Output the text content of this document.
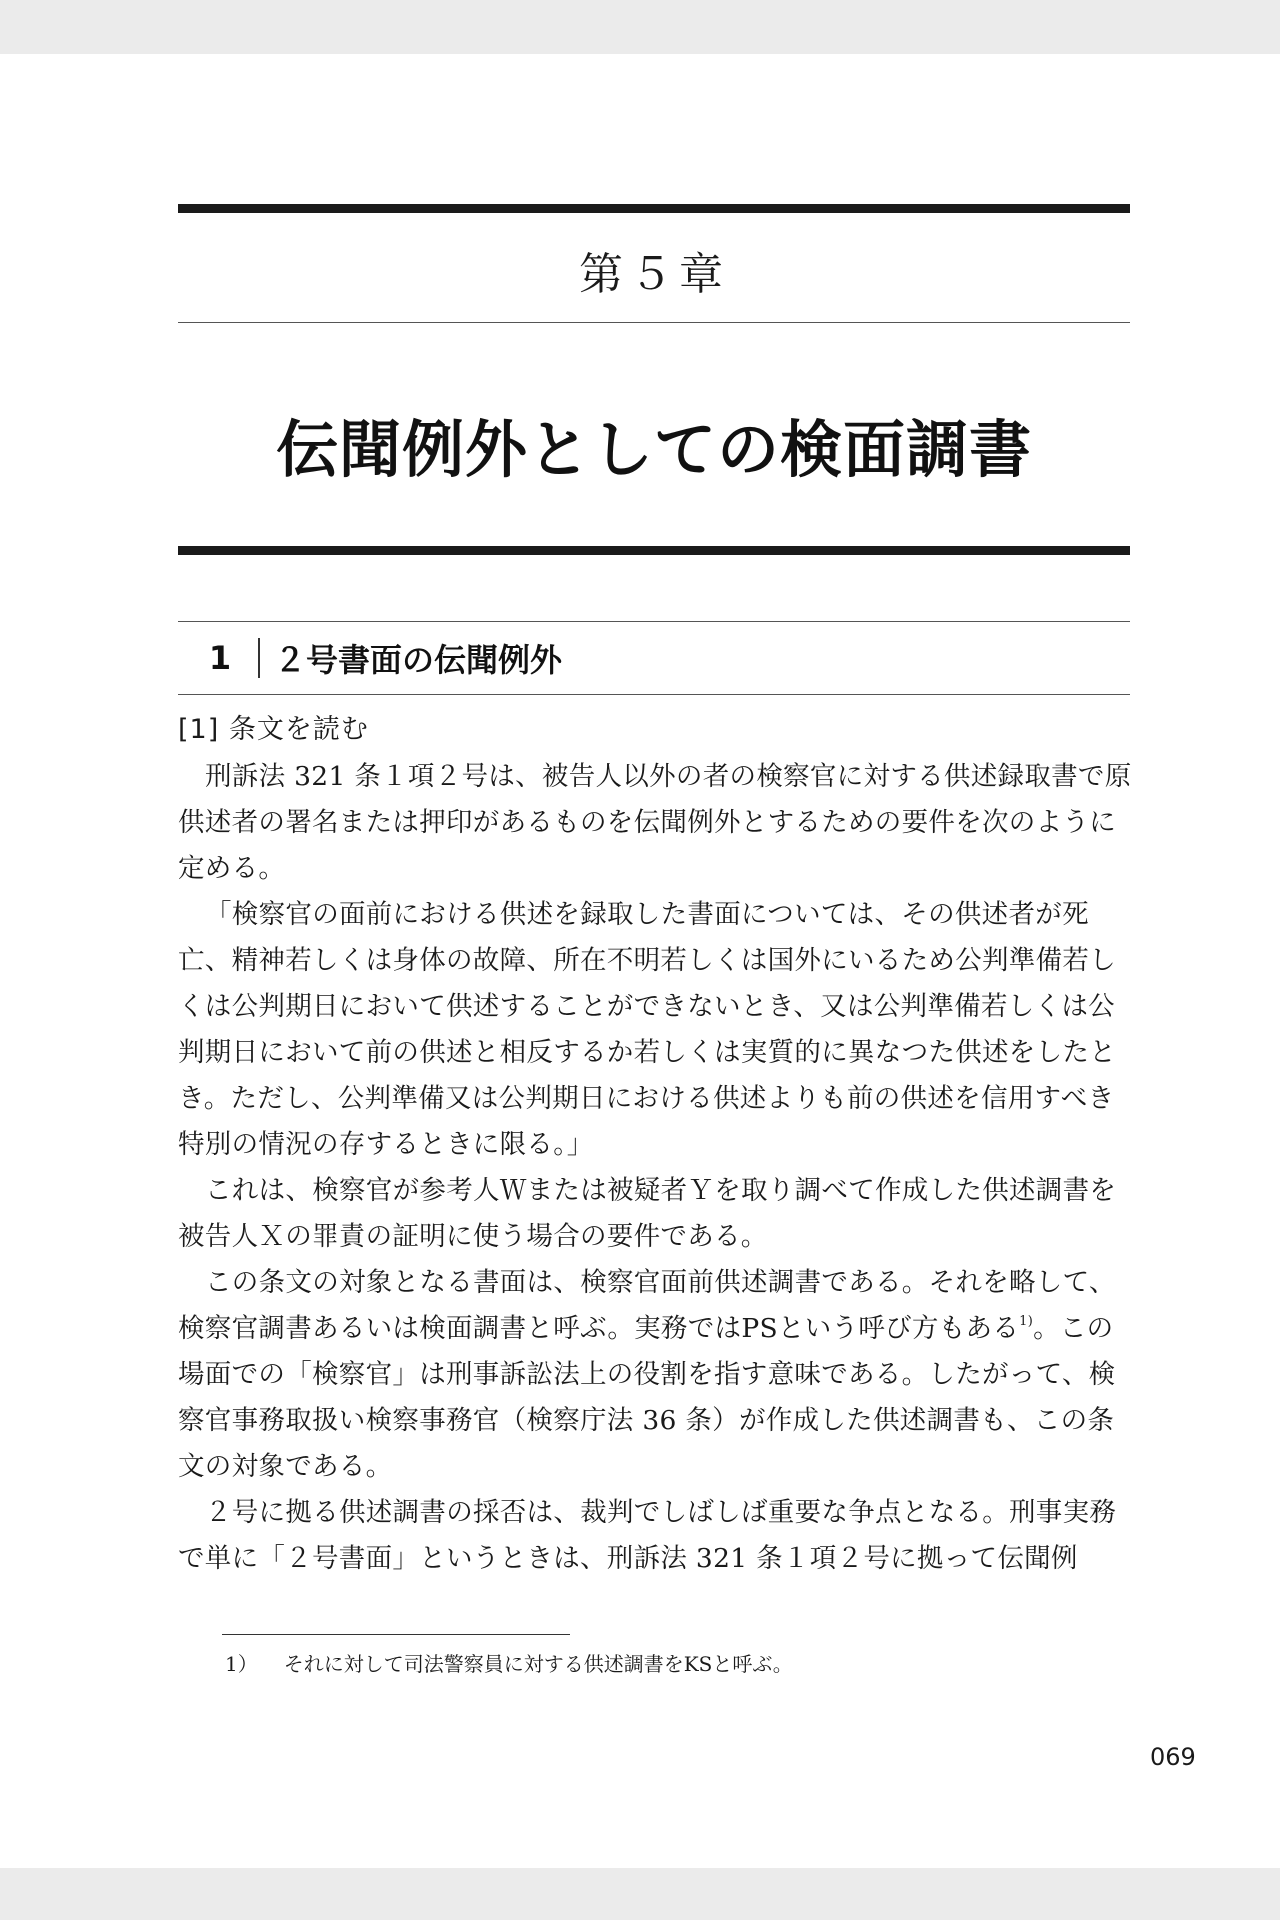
第５章
伝聞例外としての検面調書
1	２号書面の伝聞例外
[1] 条文を読む

刑訴法 321 条１項２号は、被告人以外の者の検察官に対する供述録取書で原供述者の署名または押印があるものを伝聞例外とするための要件を次のように定める。

「検察官の面前における供述を録取した書面については、その供述者が死亡、精神若しくは身体の故障、所在不明若しくは国外にいるため公判準備若しくは公判期日において供述することができないとき、又は公判準備若しくは公判期日において前の供述と相反するか若しくは実質的に異なつた供述をしたとき。ただし、公判準備又は公判期日における供述よりも前の供述を信用すべき特別の情況の存するときに限る。」

これは、検察官が参考人Ｗまたは被疑者Ｙを取り調べて作成した供述調書を被告人Ｘの罪責の証明に使う場合の要件である。

この条文の対象となる書面は、検察官面前供述調書である。それを略して、検察官調書あるいは検面調書と呼ぶ。実務ではPSという呼び方もある$^{1)}$。この場面での「検察官」は刑事訴訟法上の役割を指す意味である。したがって、検察官事務取扱い検察事務官（検察庁法 36 条）が作成した供述調書も、この条文の対象である。

２号に拠る供述調書の採否は、裁判でしばしば重要な争点となる。刑事実務で単に「２号書面」というときは、刑訴法 321 条１項２号に拠って伝聞例

1） それに対して司法警察員に対する供述調書をKSと呼ぶ。
069
